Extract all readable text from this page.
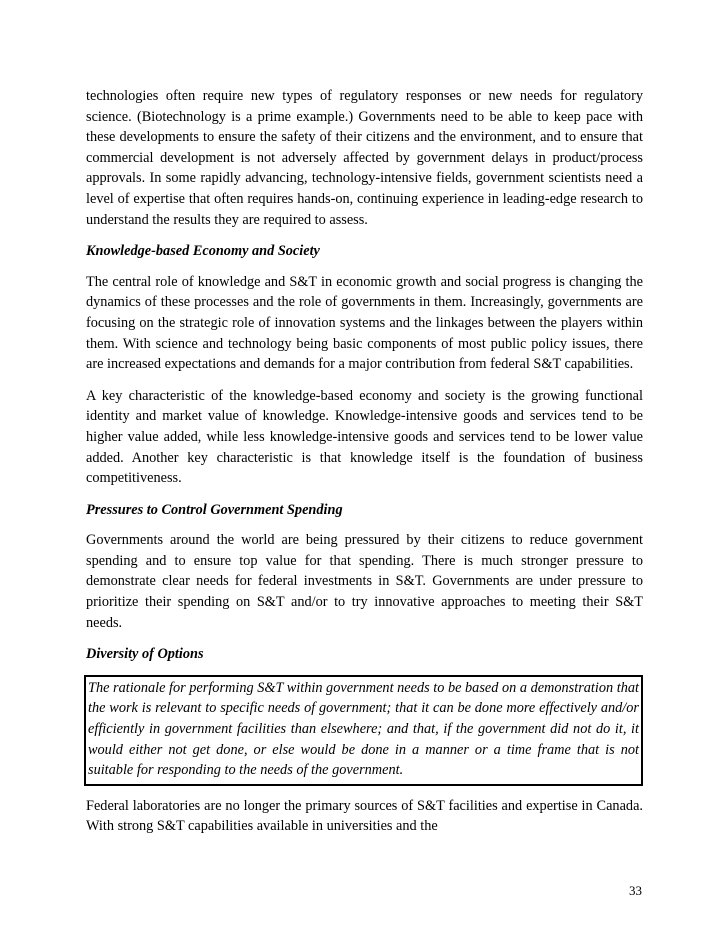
technologies often require new types of regulatory responses or new needs for regulatory science. (Biotechnology is a prime example.) Governments need to be able to keep pace with these developments to ensure the safety of their citizens and the environment, and to ensure that commercial development is not adversely affected by government delays in product/process approvals. In some rapidly advancing, technology-intensive fields, government scientists need a level of expertise that often requires hands-on, continuing experience in leading-edge research to understand the results they are required to assess.

Knowledge-based Economy and Society

The central role of knowledge and S&T in economic growth and social progress is changing the dynamics of these processes and the role of governments in them. Increasingly, governments are focusing on the strategic role of innovation systems and the linkages between the players within them. With science and technology being basic components of most public policy issues, there are increased expectations and demands for a major contribution from federal S&T capabilities.

A key characteristic of the knowledge-based economy and society is the growing functional identity and market value of knowledge. Knowledge-intensive goods and services tend to be higher value added, while less knowledge-intensive goods and services tend to be lower value added. Another key characteristic is that knowledge itself is the foundation of business competitiveness.

Pressures to Control Government Spending

Governments around the world are being pressured by their citizens to reduce government spending and to ensure top value for that spending. There is much stronger pressure to demonstrate clear needs for federal investments in S&T. Governments are under pressure to prioritize their spending on S&T and/or to try innovative approaches to meeting their S&T needs.

Diversity of Options

The rationale for performing S&T within government needs to be based on a demonstration that the work is relevant to specific needs of government; that it can be done more effectively and/or efficiently in government facilities than elsewhere; and that, if the government did not do it, it would either not get done, or else would be done in a manner or a time frame that is not suitable for responding to the needs of the government.

Federal laboratories are no longer the primary sources of S&T facilities and expertise in Canada. With strong S&T capabilities available in universities and the

33
